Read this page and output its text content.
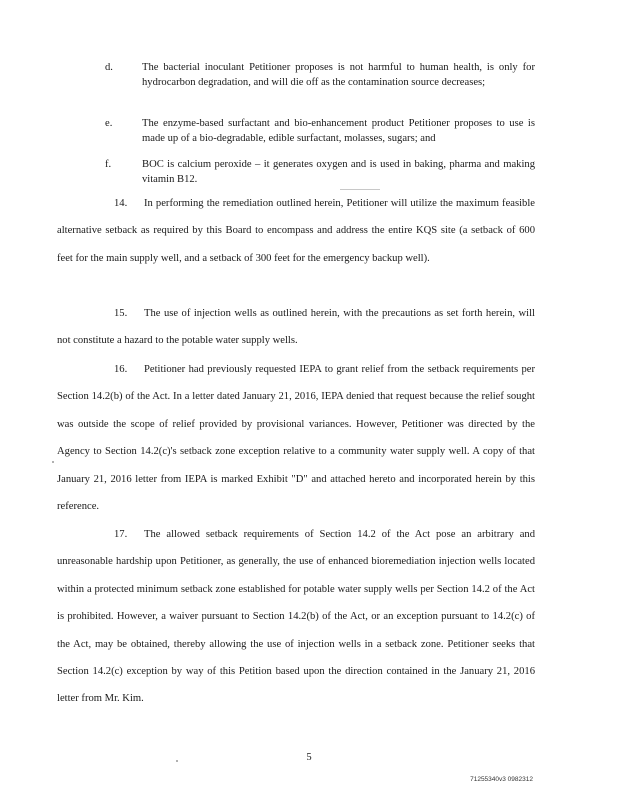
d.	The bacterial inoculant Petitioner proposes is not harmful to human health, is only for hydrocarbon degradation, and will die off as the contamination source decreases;
e.	The enzyme-based surfactant and bio-enhancement product Petitioner proposes to use is made up of a bio-degradable, edible surfactant, molasses, sugars; and
f.	BOC is calcium peroxide – it generates oxygen and is used in baking, pharma and making vitamin B12.
14. In performing the remediation outlined herein, Petitioner will utilize the maximum feasible alternative setback as required by this Board to encompass and address the entire KQS site (a setback of 600 feet for the main supply well, and a setback of 300 feet for the emergency backup well).
15. The use of injection wells as outlined herein, with the precautions as set forth herein, will not constitute a hazard to the potable water supply wells.
16. Petitioner had previously requested IEPA to grant relief from the setback requirements per Section 14.2(b) of the Act. In a letter dated January 21, 2016, IEPA denied that request because the relief sought was outside the scope of relief provided by provisional variances. However, Petitioner was directed by the Agency to Section 14.2(c)'s setback zone exception relative to a community water supply well. A copy of that January 21, 2016 letter from IEPA is marked Exhibit "D" and attached hereto and incorporated herein by this reference.
17. The allowed setback requirements of Section 14.2 of the Act pose an arbitrary and unreasonable hardship upon Petitioner, as generally, the use of enhanced bioremediation injection wells located within a protected minimum setback zone established for potable water supply wells per Section 14.2 of the Act is prohibited. However, a waiver pursuant to Section 14.2(b) of the Act, or an exception pursuant to 14.2(c) of the Act, may be obtained, thereby allowing the use of injection wells in a setback zone. Petitioner seeks that Section 14.2(c) exception by way of this Petition based upon the direction contained in the January 21, 2016 letter from Mr. Kim.
5
71255340v3 0982312
